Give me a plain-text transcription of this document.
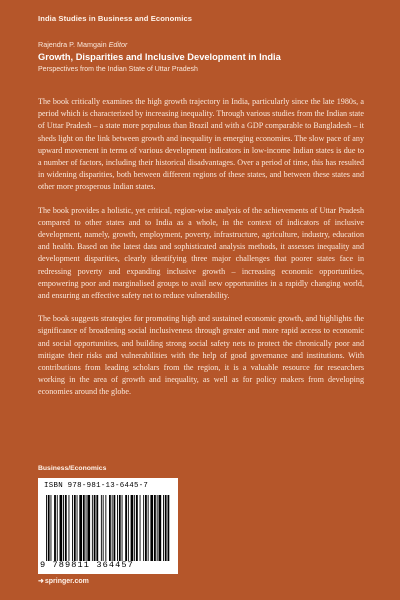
India Studies in Business and Economics
Rajendra P. Mamgain Editor
Growth, Disparities and Inclusive Development in India
Perspectives from the Indian State of Uttar Pradesh

The book critically examines the high growth trajectory in India, particularly since the late 1980s, a period which is characterized by increasing inequality. Through various studies from the Indian state of Uttar Pradesh – a state more populous than Brazil and with a GDP comparable to Bangladesh – it sheds light on the link between growth and inequality in emerging economies. The slow pace of any upward movement in terms of various development indicators in low-income Indian states is due to a number of factors, including their historical disadvantages. Over a period of time, this has resulted in widening disparities, both between different regions of these states, and between these states and other more prosperous Indian states.

The book provides a holistic, yet critical, region-wise analysis of the achievements of Uttar Pradesh compared to other states and to India as a whole, in the context of indicators of inclusive development, namely, growth, employment, poverty, infrastructure, agriculture, industry, education and health. Based on the latest data and sophisticated analysis methods, it assesses inequality and development disparities, clearly identifying three major challenges that poorer states face in redressing poverty and expanding inclusive growth – increasing economic opportunities, empowering poor and marginalised groups to avail new opportunities in a rapidly changing world, and ensuring an effective safety net to reduce vulnerability.

The book suggests strategies for promoting high and sustained economic growth, and highlights the significance of broadening social inclusiveness through greater and more rapid access to economic and social opportunities, and building strong social safety nets to protect the chronically poor and mitigate their risks and vulnerabilities with the help of good governance and institutions. With contributions from leading scholars from the region, it is a valuable resource for researchers working in the area of growth and inequality, as well as for policy makers from developing economies around the globe.

Business/Economics
ISBN 978-981-13-6445-7
9 789811 364457
➜springer.com
